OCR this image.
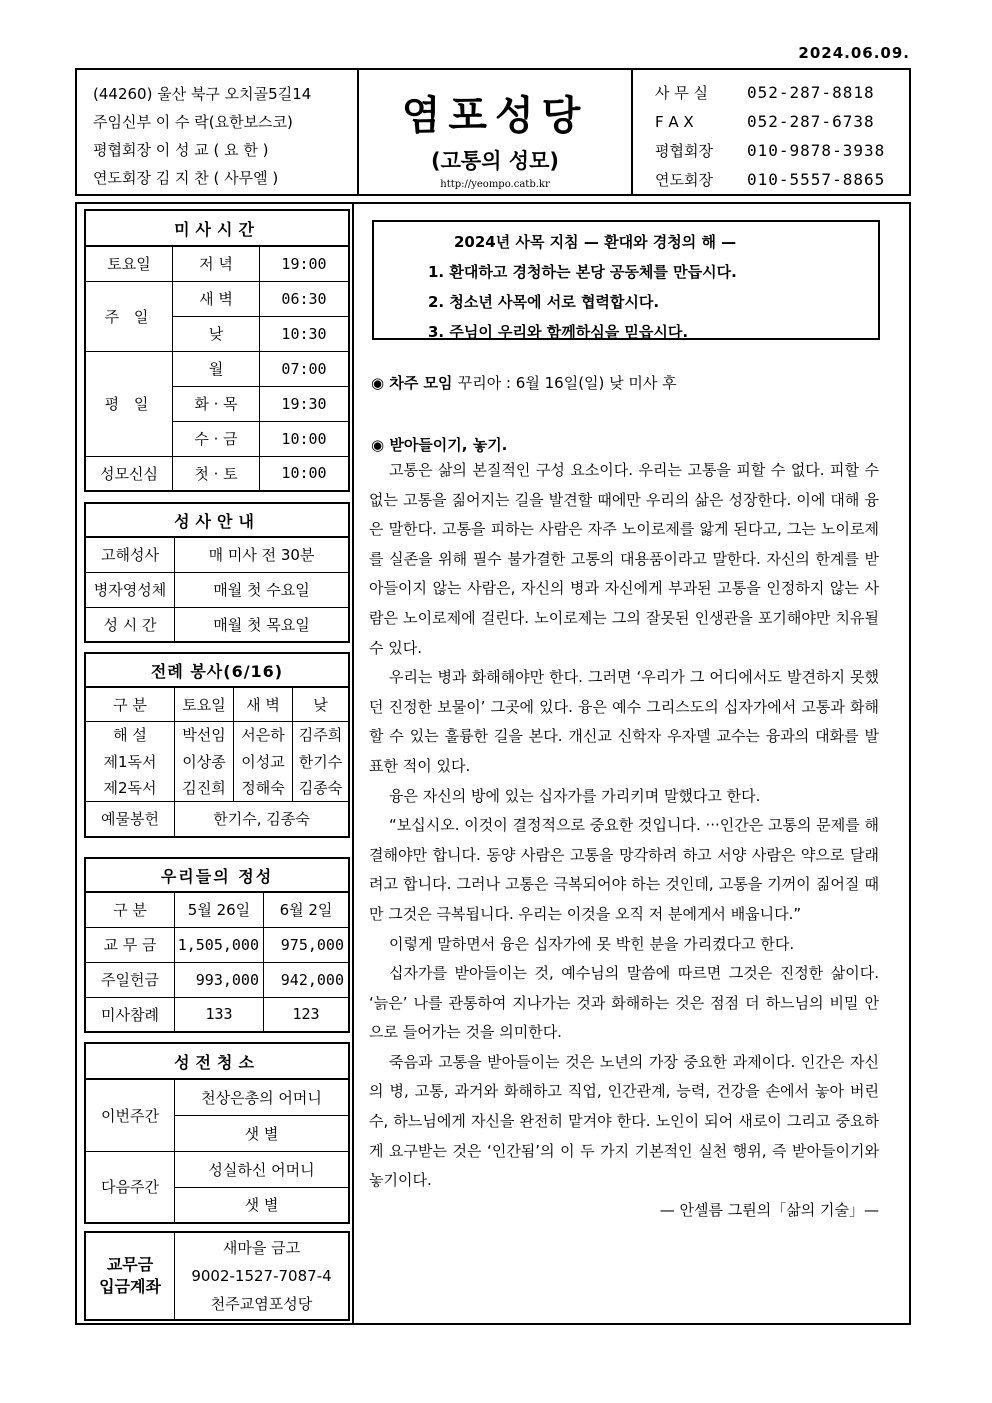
2024.06.09.
(44260) 울산 북구 오치골5길14
주임신부 이 수 락(요한보스코)
평협회장 이 성 교 ( 요 한 )
연도회장 김 지 찬 ( 사무엘 )
염포성당
(고통의 성모)
http://yeompo.catb.kr
사 무 실 052-287-8818
F A X	052-287-6738
평협회장 010-9878-3938
연도회장 010-5557-8865
미사시간		
토요일	저 녁	19:00
주 일	새 벽	06:30
	낮	10:30
평 일	월	07:00
	화 · 목	19:30
	수 · 금	10:00
성모신심	첫 · 토	10:00
성사안내	
고해성사	매 미사 전 30분
병자영성체	매월 첫 수요일
성 시 간	매월 첫 목요일
전례 봉사(6/16)			
구 분	토요일	새 벽	낮
해 설	박선임	서은하	김주희
제1독서	이상종	이성교	한기수
제2독서	김진희	정해숙	김종숙
예물봉헌	한기수, 김종숙		
우리들의 정성		
구 분	5월 26일	6월 2일
교 무 금	1,505,000	975,000
주일헌금	993,000	942,000
미사참례	133	123
성전청소	
이번주간	천상은총의 어머니
	샛 별
다음주간	성실하신 어머니
	샛 별
교무금
입금계좌

새마을 금고
9002-1527-7087-4
천주교염포성당
2024년 사목 지침 — 환대와 경청의 해 —
1. 환대하고 경청하는 본당 공동체를 만듭시다.
2. 청소년 사목에 서로 협력합시다.
3. 주님이 우리와 함께하심을 믿읍시다.
◉ 차주 모임 꾸리아 : 6월 16일(일) 낮 미사 후
◉ 받아들이기, 놓기.

고통은 삶의 본질적인 구성 요소이다. 우리는 고통을 피할 수 없다. 피할 수 없는 고통을 짊어지는 길을 발견할 때에만 우리의 삶은 성장한다. 이에 대해 융은 말한다. 고통을 피하는 사람은 자주 노이로제를 앓게 된다고, 그는 노이로제를 실존을 위해 필수 불가결한 고통의 대용품이라고 말한다. 자신의 한계를 받아들이지 않는 사람은, 자신의 병과 자신에게 부과된 고통을 인정하지 않는 사람은 노이로제에 걸린다. 노이로제는 그의 잘못된 인생관을 포기해야만 치유될 수 있다.

우리는 병과 화해해야만 한다. 그러면 ‘우리가 그 어디에서도 발견하지 못했던 진정한 보물이’ 그곳에 있다. 융은 예수 그리스도의 십자가에서 고통과 화해할 수 있는 훌륭한 길을 본다. 개신교 신학자 우자델 교수는 융과의 대화를 발표한 적이 있다.

융은 자신의 방에 있는 십자가를 가리키며 말했다고 한다.

“보십시오. 이것이 결정적으로 중요한 것입니다. ···인간은 고통의 문제를 해결해야만 합니다. 동양 사람은 고통을 망각하려 하고 서양 사람은 약으로 달래려고 합니다. 그러나 고통은 극복되어야 하는 것인데, 고통을 기꺼이 짊어질 때만 그것은 극복됩니다. 우리는 이것을 오직 저 분에게서 배웁니다.”

이렇게 말하면서 융은 십자가에 못 박힌 분을 가리켰다고 한다.

십자가를 받아들이는 것, 예수님의 말씀에 따르면 그것은 진정한 삶이다. ‘늙은’ 나를 관통하여 지나가는 것과 화해하는 것은 점점 더 하느님의 비밀 안으로 들어가는 것을 의미한다.

죽음과 고통을 받아들이는 것은 노년의 가장 중요한 과제이다. 인간은 자신의 병, 고통, 과거와 화해하고 직업, 인간관계, 능력, 건강을 손에서 놓아 버린 수, 하느님에게 자신을 완전히 맡겨야 한다. 노인이 되어 새로이 그리고 중요하게 요구받는 것은 ‘인간됨’의 이 두 가지 기본적인 실천 행위, 즉 받아들이기와 놓기이다.

— 안셀름 그륀의「삶의 기술」—
